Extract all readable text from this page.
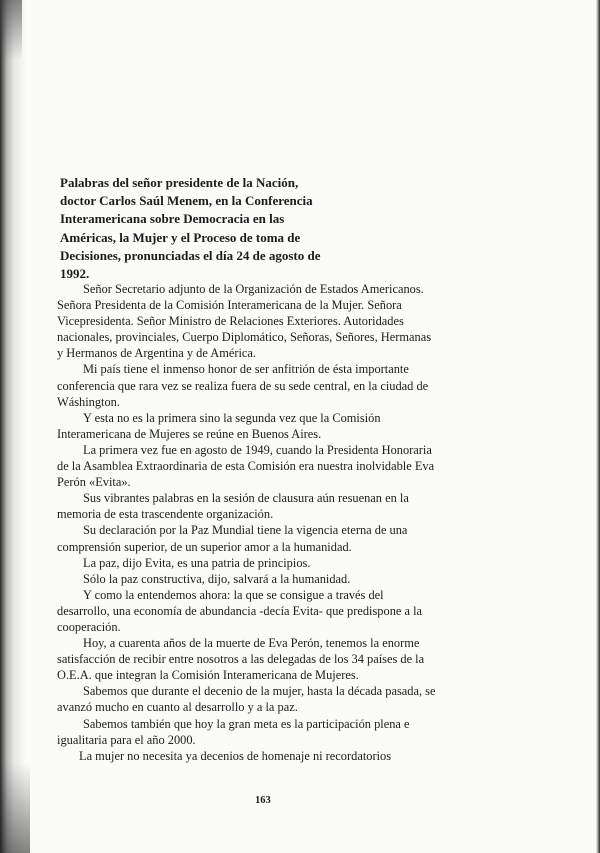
Palabras del señor presidente de la Nación,
doctor Carlos Saúl Menem, en la Conferencia
Interamericana sobre Democracia en las
Américas, la Mujer y el Proceso de toma de
Decisiones, pronunciadas el día 24 de agosto de
1992.
Señor Secretario adjunto de la Organización de Estados Americanos.
Señora Presidenta de la Comisión Interamericana de la Mujer. Señora
Vicepresidenta. Señor Ministro de Relaciones Exteriores. Autoridades
nacionales, provinciales, Cuerpo Diplomático, Señoras, Señores, Hermanas
y Hermanos de Argentina y de América.
Mi país tiene el inmenso honor de ser anfitrión de ésta importante
conferencia que rara vez se realiza fuera de su sede central, en la ciudad de
Wáshington.
Y esta no es la primera sino la segunda vez que la Comisión
Interamericana de Mujeres se reúne en Buenos Aires.
La primera vez fue en agosto de 1949, cuando la Presidenta Honoraria
de la Asamblea Extraordinaria de esta Comisión era nuestra inolvidable Eva
Perón «Evita».
Sus vibrantes palabras en la sesión de clausura aún resuenan en la
memoria de esta trascendente organización.
Su declaración por la Paz Mundial tiene la vigencia eterna de una
comprensión superior, de un superior amor a la humanidad.
La paz, dijo Evita, es una patria de principios.
Sólo la paz constructiva, dijo, salvará a la humanidad.
Y como la entendemos ahora: la que se consigue a través del
desarrollo, una economía de abundancia -decía Evita- que predispone a la
cooperación.
Hoy, a cuarenta años de la muerte de Eva Perón, tenemos la enorme
satisfacción de recibir entre nosotros a las delegadas de los 34 países de la
O.E.A. que integran la Comisión Interamericana de Mujeres.
Sabemos que durante el decenio de la mujer, hasta la década pasada, se
avanzó mucho en cuanto al desarrollo y a la paz.
Sabemos también que hoy la gran meta es la participación plena e
igualitaria para el año 2000.
La mujer no necesita ya decenios de homenaje ni recordatorios
163
